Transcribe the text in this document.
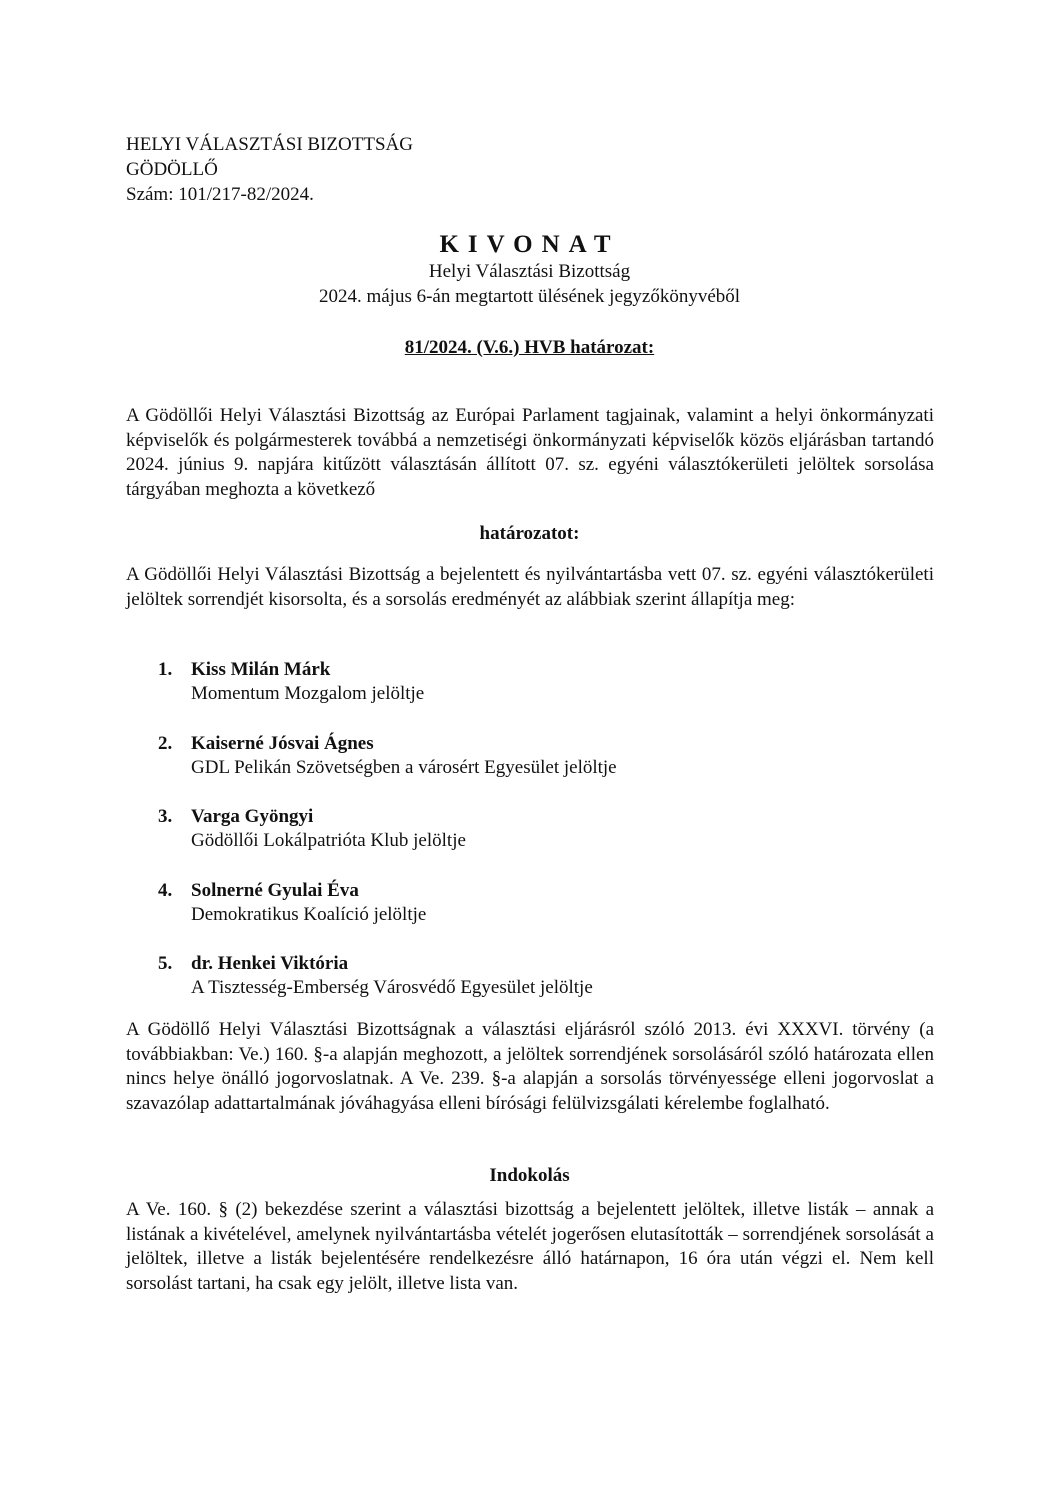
HELYI VÁLASZTÁSI BIZOTTSÁG
GÖDÖLLŐ
Szám: 101/217-82/2024.
KIVONAT
Helyi Választási Bizottság
2024. május 6-án megtartott ülésének jegyzőkönyvéből
81/2024. (V.6.) HVB határozat:
A Gödöllői Helyi Választási Bizottság az Európai Parlament tagjainak, valamint a helyi önkormányzati képviselők és polgármesterek továbbá a nemzetiségi önkormányzati képviselők közös eljárásban tartandó 2024. június 9. napjára kitűzött választásán állított 07. sz. egyéni választókerületi jelöltek sorsolása tárgyában meghozta a következő
határozatot:
A Gödöllői Helyi Választási Bizottság a bejelentett és nyilvántartásba vett 07. sz. egyéni választókerületi jelöltek sorrendjét kisorsolta, és a sorsolás eredményét az alábbiak szerint állapítja meg:
1. Kiss Milán Márk
Momentum Mozgalom jelöltje
2. Kaiserné Jósvai Ágnes
GDL Pelikán Szövetségben a városért Egyesület jelöltje
3. Varga Gyöngyi
Gödöllői Lokálpatrióta Klub jelöltje
4. Solnerné Gyulai Éva
Demokratikus Koalíció jelöltje
5. dr. Henkei Viktória
A Tisztesség-Emberség Városvédő Egyesület jelöltje
A Gödöllő Helyi Választási Bizottságnak a választási eljárásról szóló 2013. évi XXXVI. törvény (a továbbiakban: Ve.) 160. §-a alapján meghozott, a jelöltek sorrendjének sorsolásáról szóló határozata ellen nincs helye önálló jogorvoslatnak. A Ve. 239. §-a alapján a sorsolás törvényessége elleni jogorvoslat a szavazólap adattartalmának jóváhagyása elleni bírósági felülvizsgálati kérelembe foglalható.
Indokolás
A Ve. 160. § (2) bekezdése szerint a választási bizottság a bejelentett jelöltek, illetve listák – annak a listának a kivételével, amelynek nyilvántartásba vételét jogerősen elutasították – sorrendjének sorsolását a jelöltek, illetve a listák bejelentésére rendelkezésre álló határnapon, 16 óra után végzi el. Nem kell sorsolást tartani, ha csak egy jelölt, illetve lista van.
